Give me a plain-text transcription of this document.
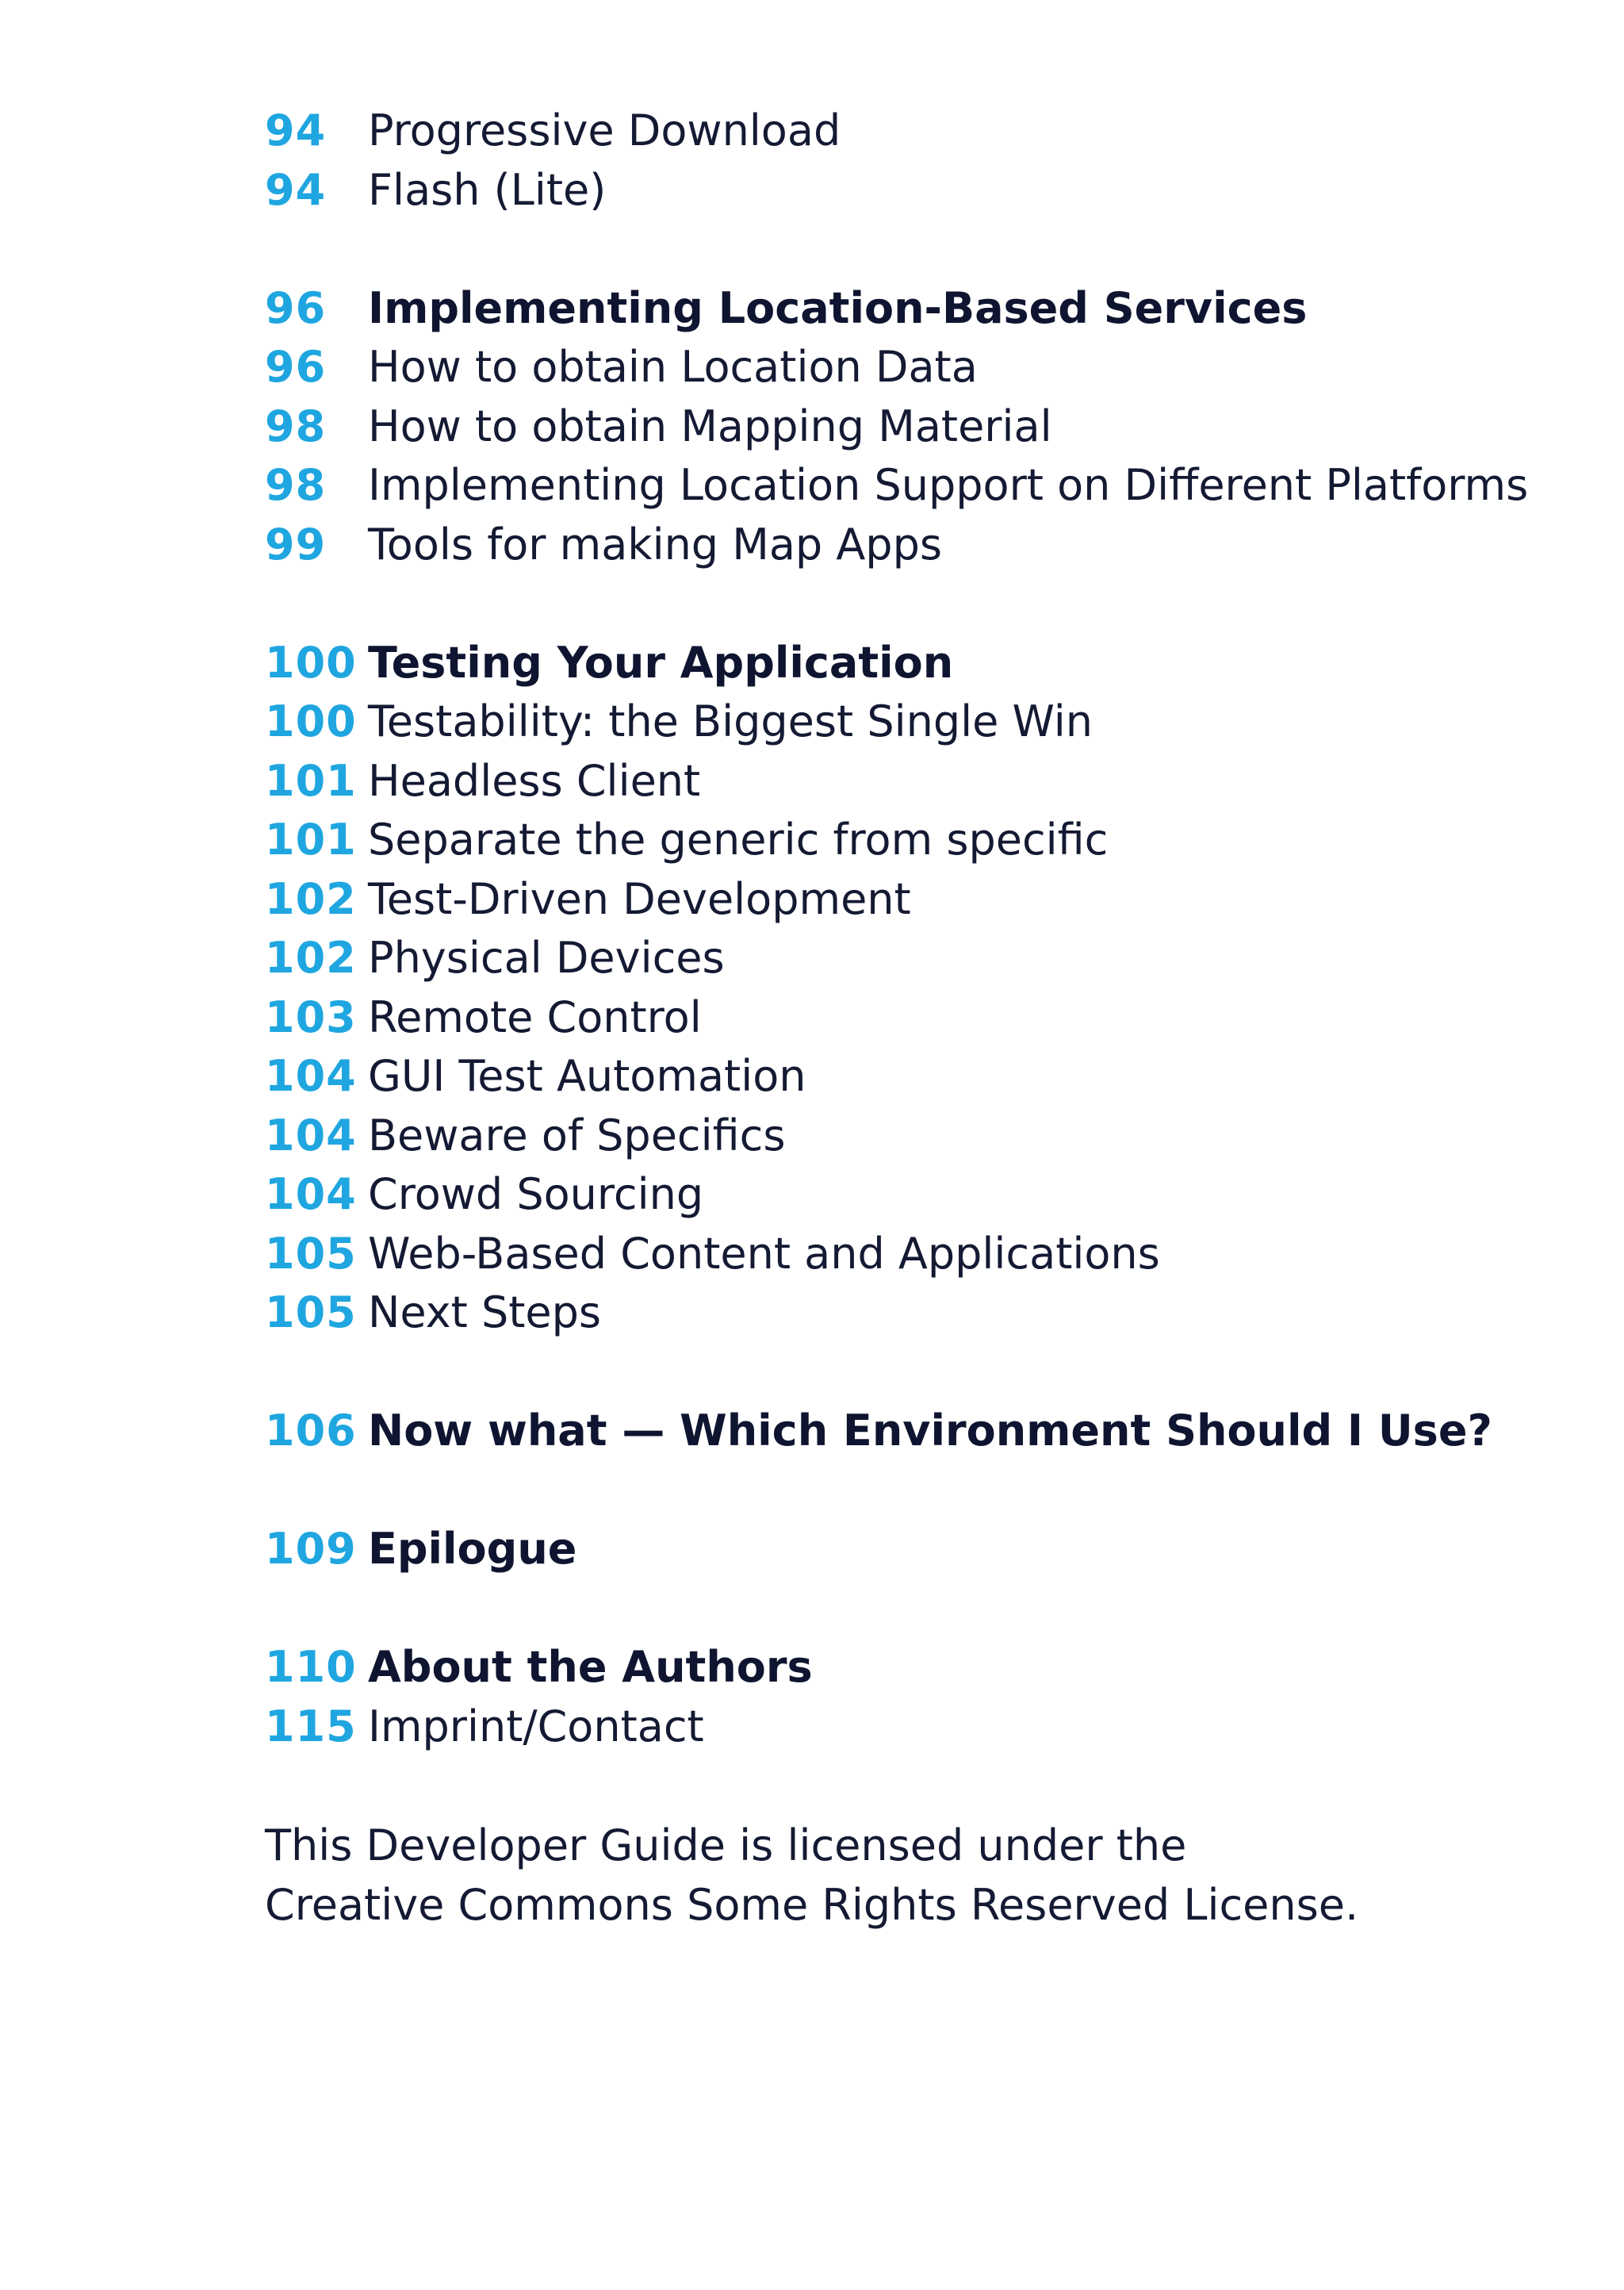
94 Progressive Download
94 Flash (Lite)
96 Implementing Location-Based Services
96 How to obtain Location Data
98 How to obtain Mapping Material
98 Implementing Location Support on Different Platforms
99 Tools for making Map Apps
100 Testing Your Application
100 Testability: the Biggest Single Win
101 Headless Client
101 Separate the generic from specific
102 Test-Driven Development
102 Physical Devices
103 Remote Control
104 GUI Test Automation
104 Beware of Specifics
104 Crowd Sourcing
105 Web-Based Content and Applications
105 Next Steps
106 Now what — Which Environment Should I Use?
109 Epilogue
110 About the Authors
115 Imprint/Contact
This Developer Guide is licensed under the
Creative Commons Some Rights Reserved License.
